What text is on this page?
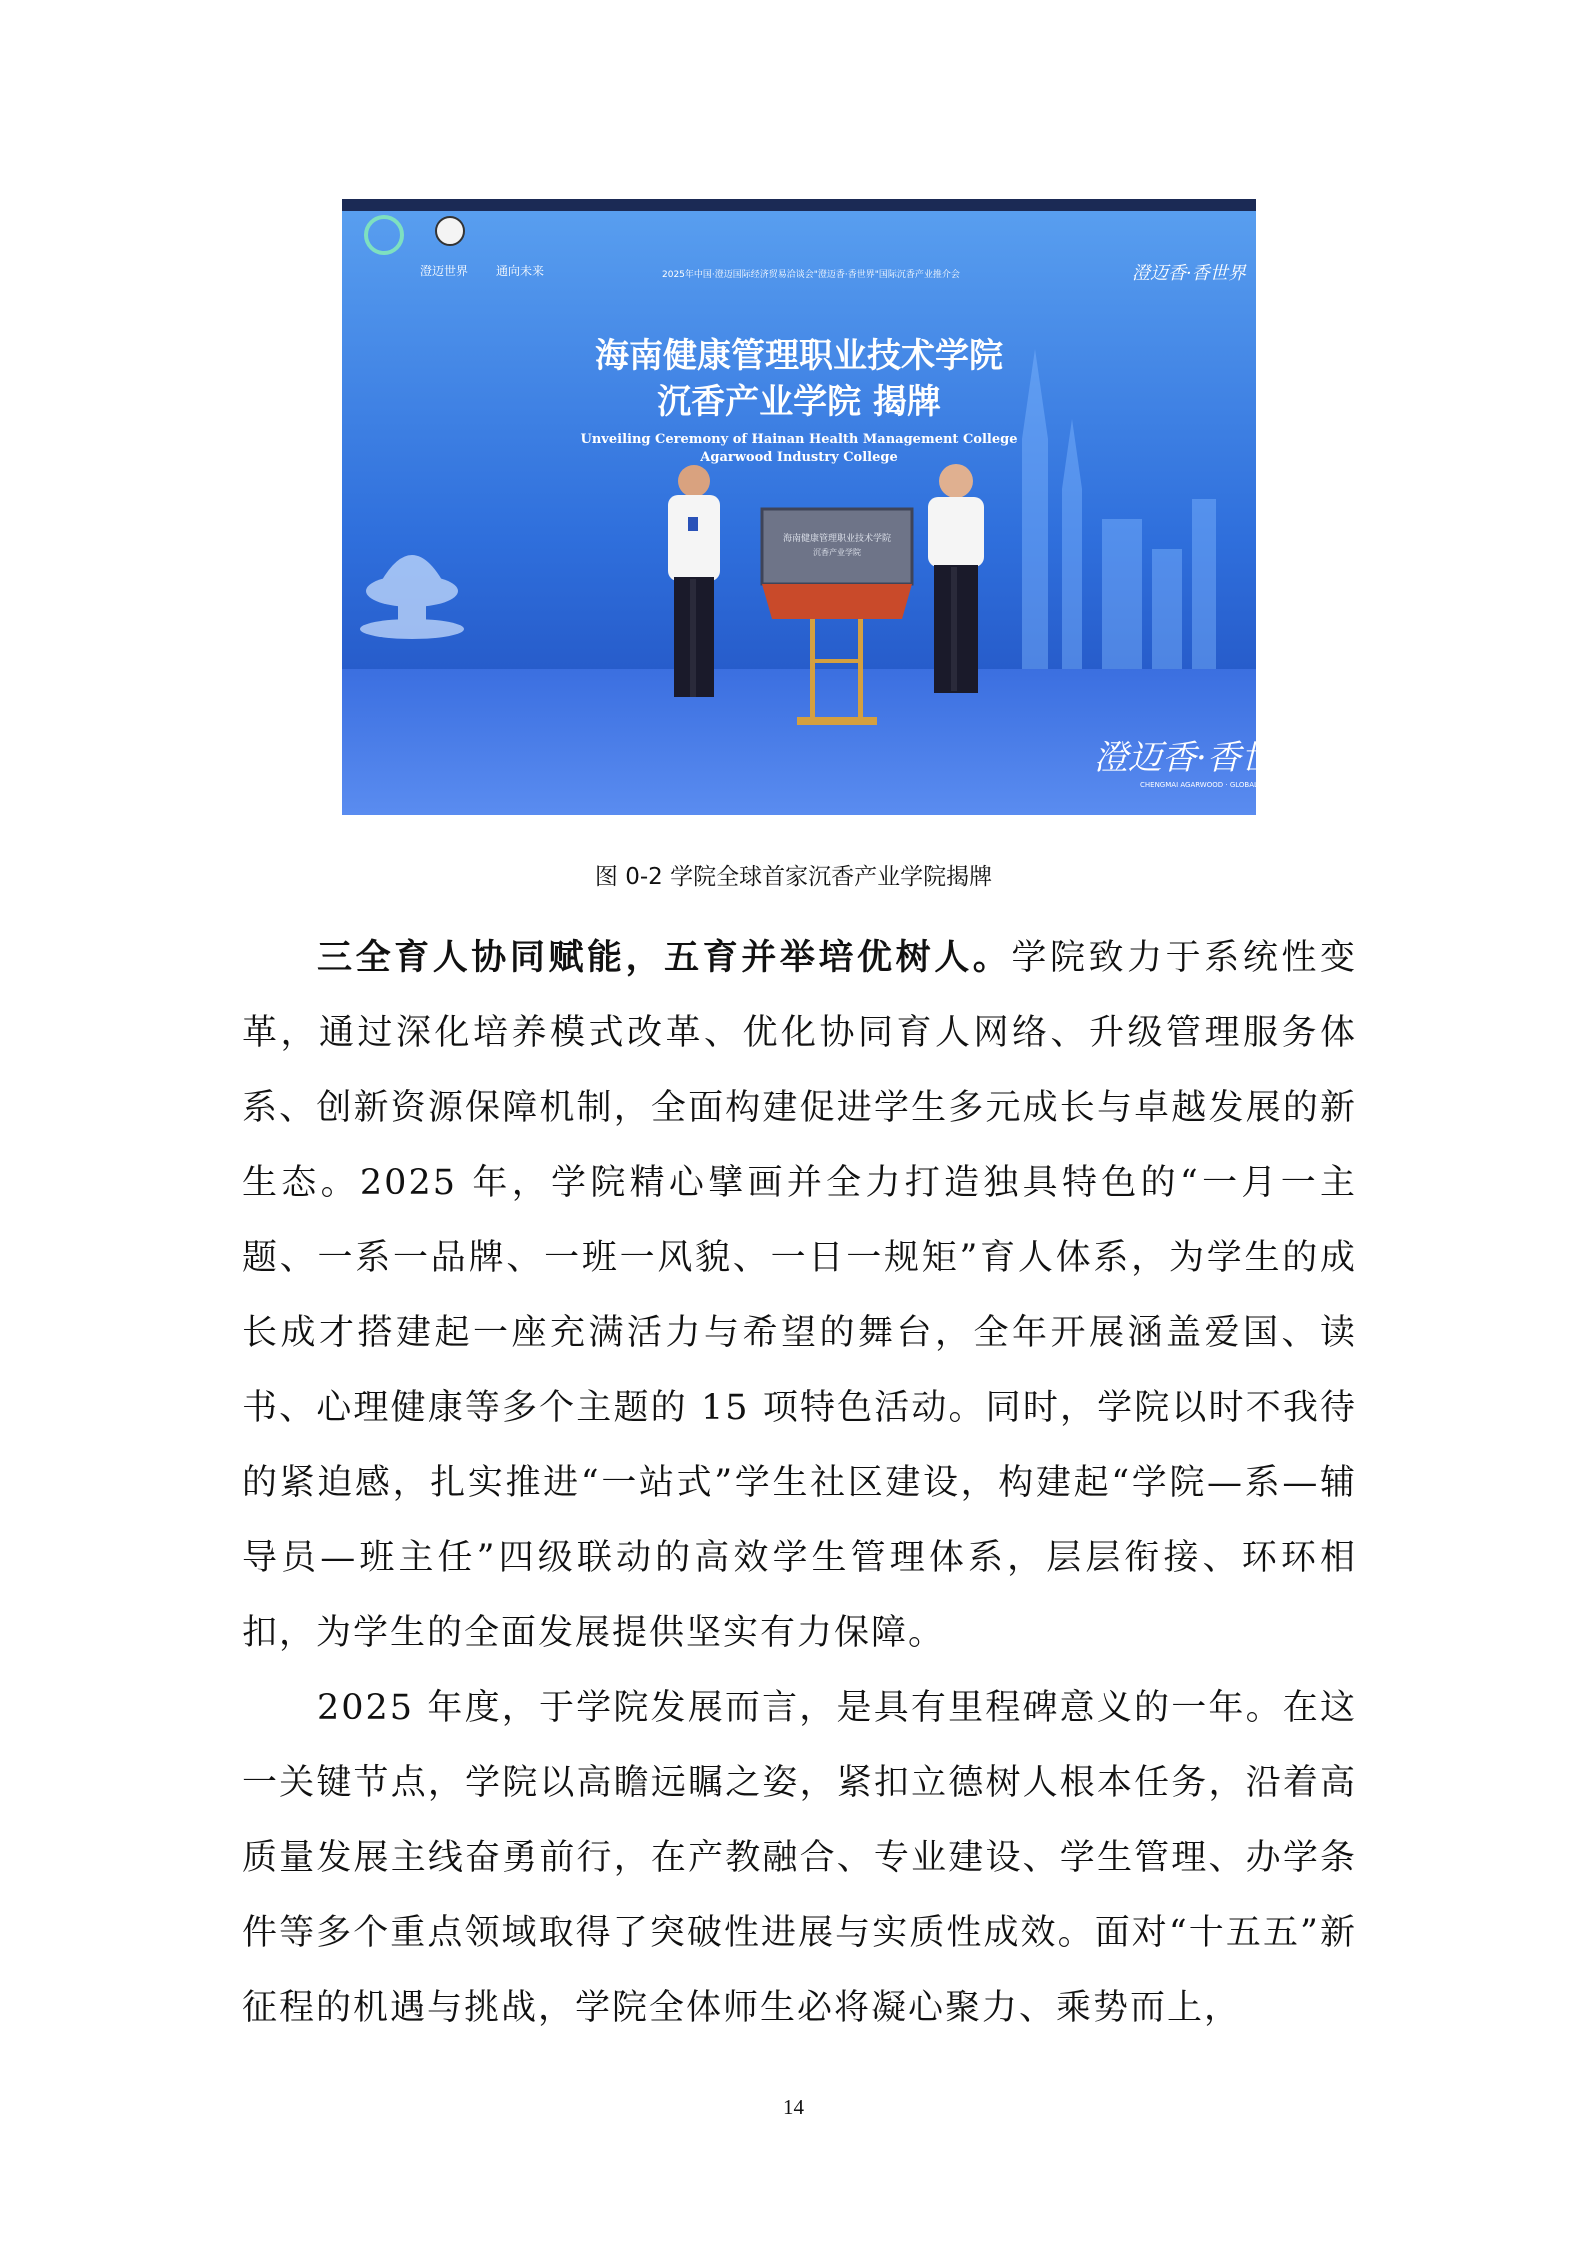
澄迈世界 通向未来	2025年中国·澄迈国际经济贸易洽谈会"澄迈香·香世界"国际沉香产业推介会	澄迈香·香世界
海南健康管理职业技术学院
沉香产业学院 揭牌
Unveiling Ceremony of Hainan Health Management College
Agarwood Industry College
海南健康管理职业技术学院
沉香产业学院
澄迈香·香世界
CHENGMAI AGARWOOD · GLOBAL GATHERING
图 0-2 学院全球首家沉香产业学院揭牌

三全育人协同赋能，五育并举培优树人。学院致力于系统性变革，通过深化培养模式改革、优化协同育人网络、升级管理服务体系、创新资源保障机制，全面构建促进学生多元成长与卓越发展的新生态。2025 年，学院精心擘画并全力打造独具特色的“一月一主题、一系一品牌、一班一风貌、一日一规矩”育人体系，为学生的成长成才搭建起一座充满活力与希望的舞台，全年开展涵盖爱国、读书、心理健康等多个主题的 15 项特色活动。同时，学院以时不我待的紧迫感，扎实推进“一站式”学生社区建设，构建起“学院—系—辅导员—班主任”四级联动的高效学生管理体系，层层衔接、环环相扣，为学生的全面发展提供坚实有力保障。

2025 年度，于学院发展而言，是具有里程碑意义的一年。在这一关键节点，学院以高瞻远瞩之姿，紧扣立德树人根本任务，沿着高质量发展主线奋勇前行，在产教融合、专业建设、学生管理、办学条件等多个重点领域取得了突破性进展与实质性成效。面对“十五五”新征程的机遇与挑战，学院全体师生必将凝心聚力、乘势而上，

14
